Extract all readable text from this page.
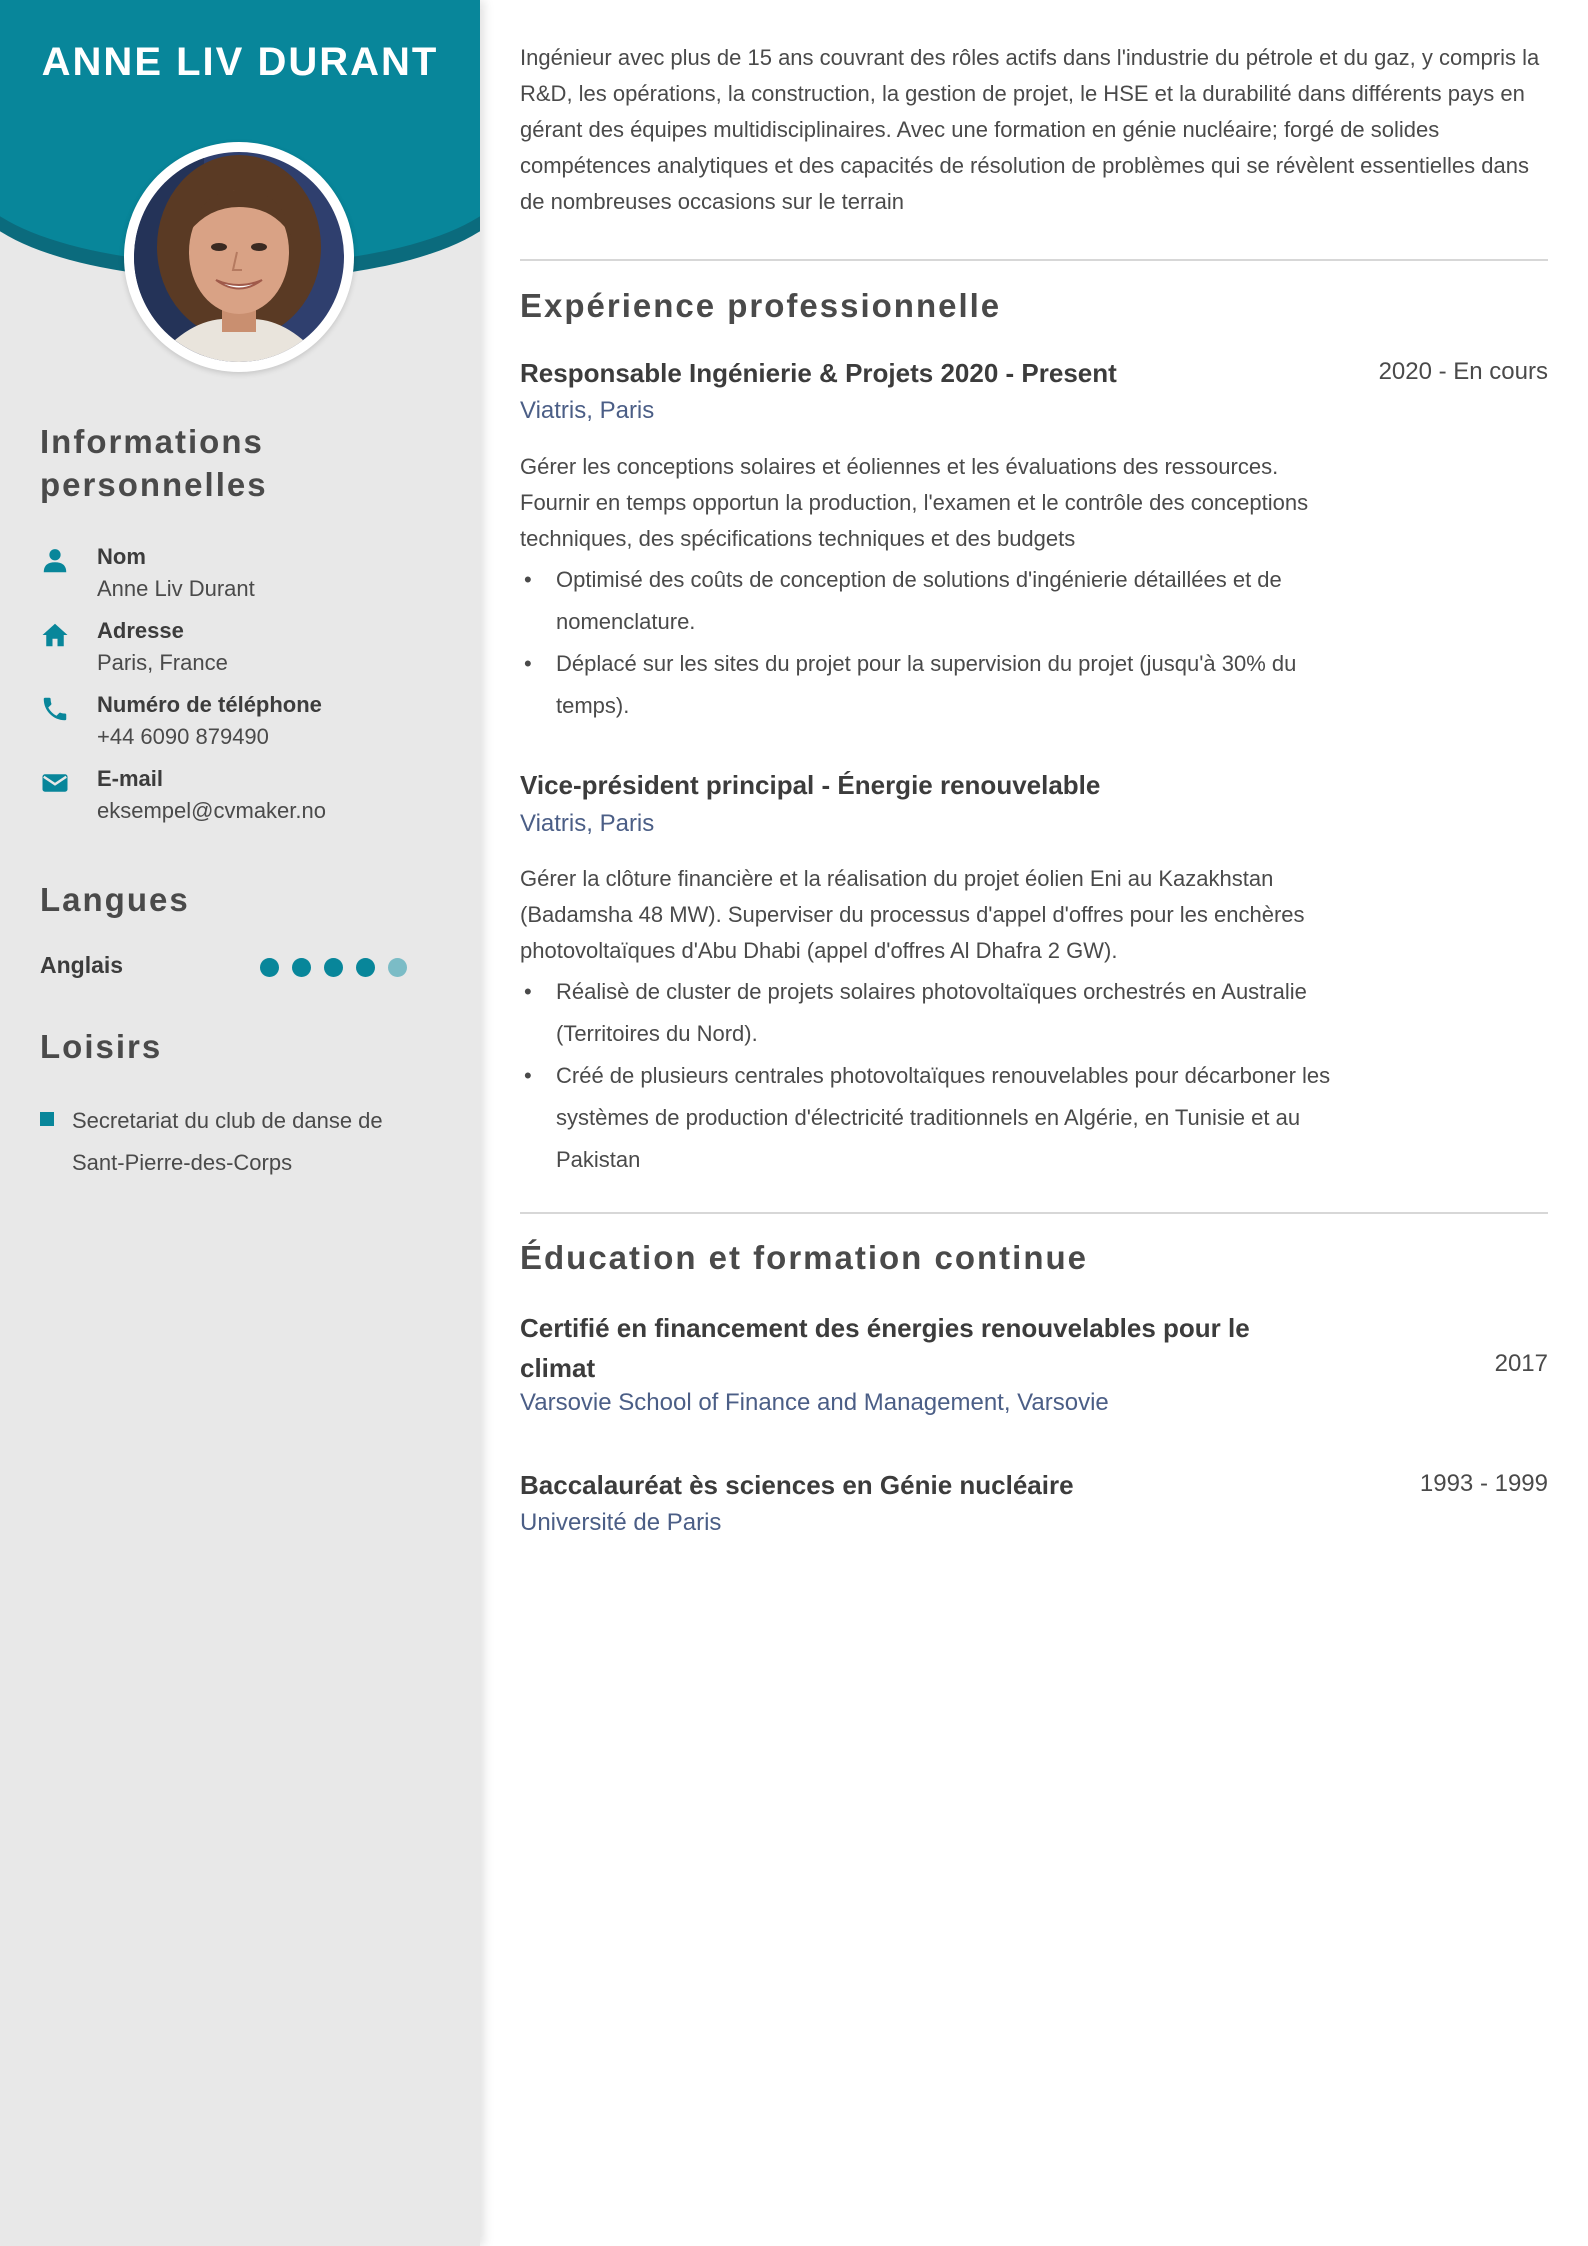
ANNE LIV DURANT
Informations personnelles
Nom
Anne Liv Durant
Adresse
Paris, France
Numéro de téléphone
+44 6090 879490
E-mail
eksempel@cvmaker.no
Langues
Anglais
Loisirs
Secretariat du club de danse de Sant-Pierre-des-Corps
Ingénieur avec plus de 15 ans couvrant des rôles actifs dans l'industrie du pétrole et du gaz, y compris la R&D, les opérations, la construction, la gestion de projet, le HSE et la durabilité dans différents pays en gérant des équipes multidisciplinaires. Avec une formation en génie nucléaire; forgé de solides compétences analytiques et des capacités de résolution de problèmes qui se révèlent essentielles dans de nombreuses occasions sur le terrain
Expérience professionnelle
Responsable Ingénierie & Projets 2020 - Present	2020 - En cours
Viatris, Paris
Gérer les conceptions solaires et éoliennes et les évaluations des ressources. Fournir en temps opportun la production, l'examen et le contrôle des conceptions techniques, des spécifications techniques et des budgets
• Optimisé des coûts de conception de solutions d'ingénierie détaillées et de nomenclature.
• Déplacé sur les sites du projet pour la supervision du projet (jusqu'à 30% du temps).
Vice-président principal - Énergie renouvelable
Viatris, Paris
Gérer la clôture financière et la réalisation du projet éolien Eni au Kazakhstan (Badamsha 48 MW). Superviser du processus d'appel d'offres pour les enchères photovoltaïques d'Abu Dhabi (appel d'offres Al Dhafra 2 GW).
• Réalisè de cluster de projets solaires photovoltaïques orchestrés en Australie (Territoires du Nord).
• Créé de plusieurs centrales photovoltaïques renouvelables pour décarboner les systèmes de production d'électricité traditionnels en Algérie, en Tunisie et au Pakistan
Éducation et formation continue
Certifié en financement des énergies renouvelables pour le climat	2017
Varsovie School of Finance and Management, Varsovie
Baccalauréat ès sciences en Génie nucléaire	1993 - 1999
Université de Paris
